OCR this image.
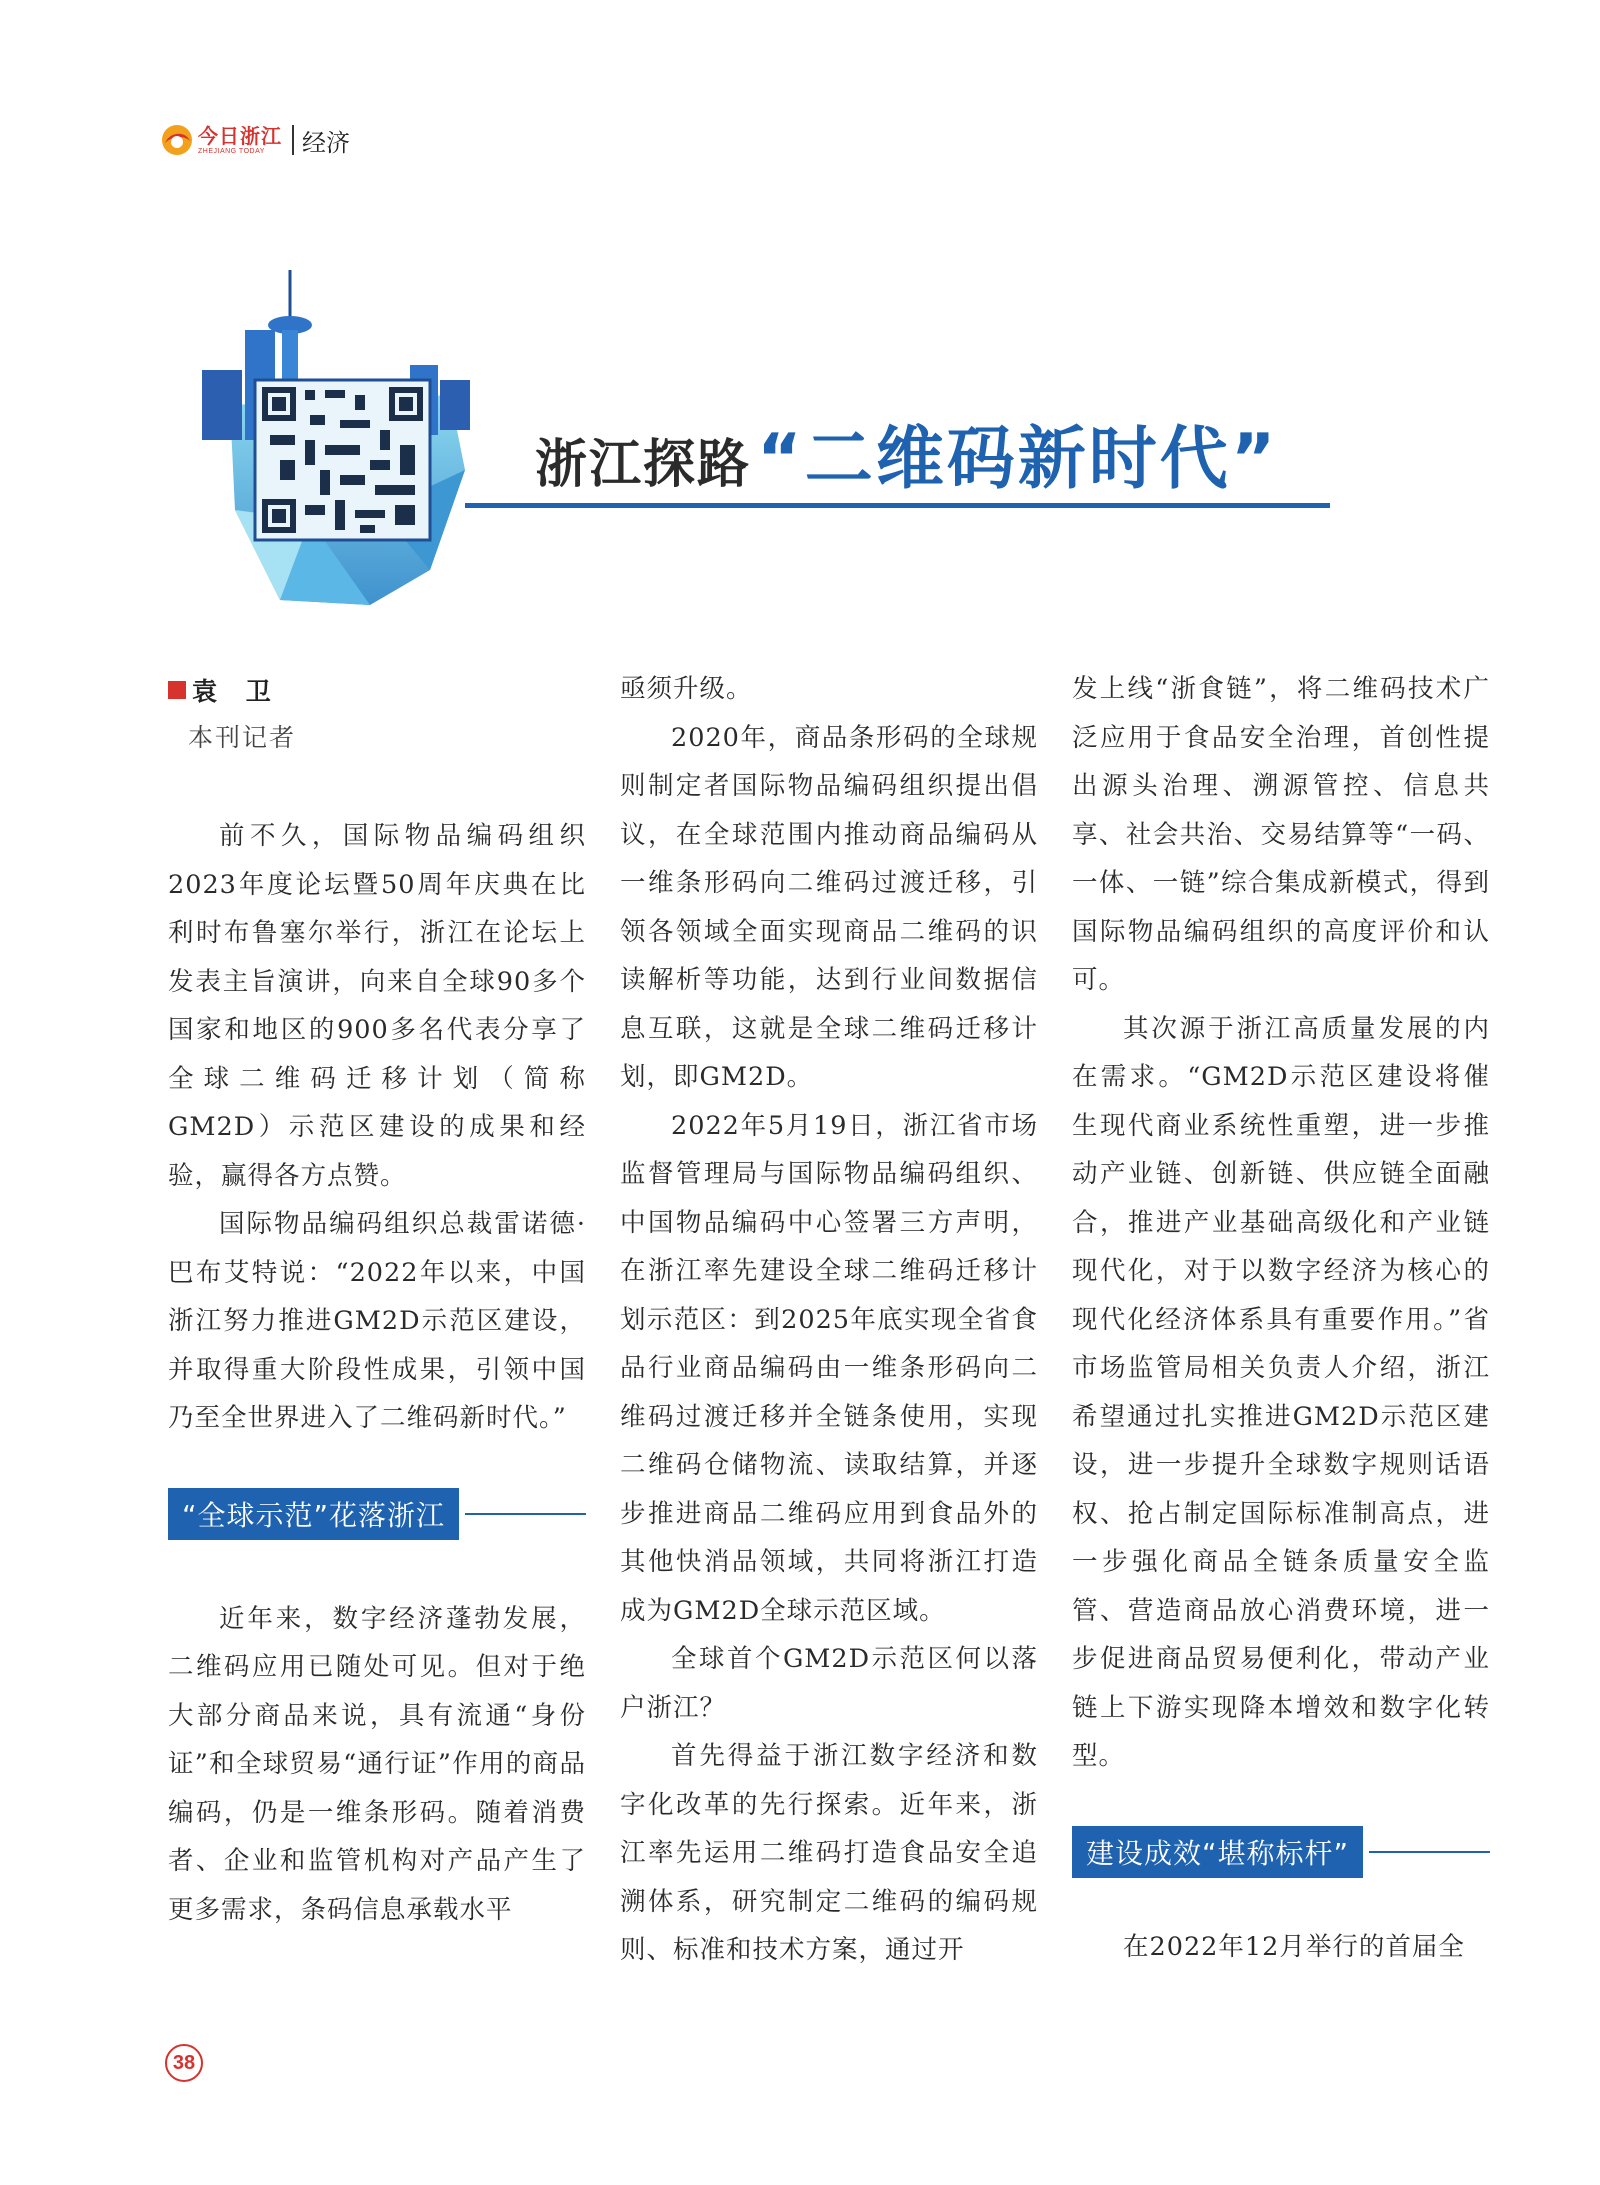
今日浙江
ZHEJIANG TODAY	经济
浙江探路 “二维码新时代”
袁 卫
本刊记者

前不久，国际物品编码组织2023年度论坛暨50周年庆典在比利时布鲁塞尔举行，浙江在论坛上发表主旨演讲，向来自全球90多个国家和地区的900多名代表分享了全球二维码迁移计划（简称GM2D）示范区建设的成果和经验，赢得各方点赞。

国际物品编码组织总裁雷诺德·巴布艾特说：“2022年以来，中国浙江努力推进GM2D示范区建设，并取得重大阶段性成果，引领中国乃至全世界进入了二维码新时代。”

“全球示范”花落浙江

近年来，数字经济蓬勃发展，二维码应用已随处可见。但对于绝大部分商品来说，具有流通“身份证”和全球贸易“通行证”作用的商品编码，仍是一维条形码。随着消费者、企业和监管机构对产品产生了更多需求，条码信息承载水平

亟须升级。

2020年，商品条形码的全球规则制定者国际物品编码组织提出倡议，在全球范围内推动商品编码从一维条形码向二维码过渡迁移，引领各领域全面实现商品二维码的识读解析等功能，达到行业间数据信息互联，这就是全球二维码迁移计划，即GM2D。

2022年5月19日，浙江省市场监督管理局与国际物品编码组织、中国物品编码中心签署三方声明，在浙江率先建设全球二维码迁移计划示范区：到2025年底实现全省食品行业商品编码由一维条形码向二维码过渡迁移并全链条使用，实现二维码仓储物流、读取结算，并逐步推进商品二维码应用到食品外的其他快消品领域，共同将浙江打造成为GM2D全球示范区域。

全球首个GM2D示范区何以落户浙江？

首先得益于浙江数字经济和数字化改革的先行探索。近年来，浙江率先运用二维码打造食品安全追溯体系，研究制定二维码的编码规则、标准和技术方案，通过开

发上线“浙食链”，将二维码技术广泛应用于食品安全治理，首创性提出源头治理、溯源管控、信息共享、社会共治、交易结算等“一码、一体、一链”综合集成新模式，得到国际物品编码组织的高度评价和认可。

其次源于浙江高质量发展的内在需求。“GM2D示范区建设将催生现代商业系统性重塑，进一步推动产业链、创新链、供应链全面融合，推进产业基础高级化和产业链现代化，对于以数字经济为核心的现代化经济体系具有重要作用。”省市场监管局相关负责人介绍，浙江希望通过扎实推进GM2D示范区建设，进一步提升全球数字规则话语权、抢占制定国际标准制高点，进一步强化商品全链条质量安全监管、营造商品放心消费环境，进一步促进商品贸易便利化，带动产业链上下游实现降本增效和数字化转型。

建设成效“堪称标杆”

在2022年12月举行的首届全

38
